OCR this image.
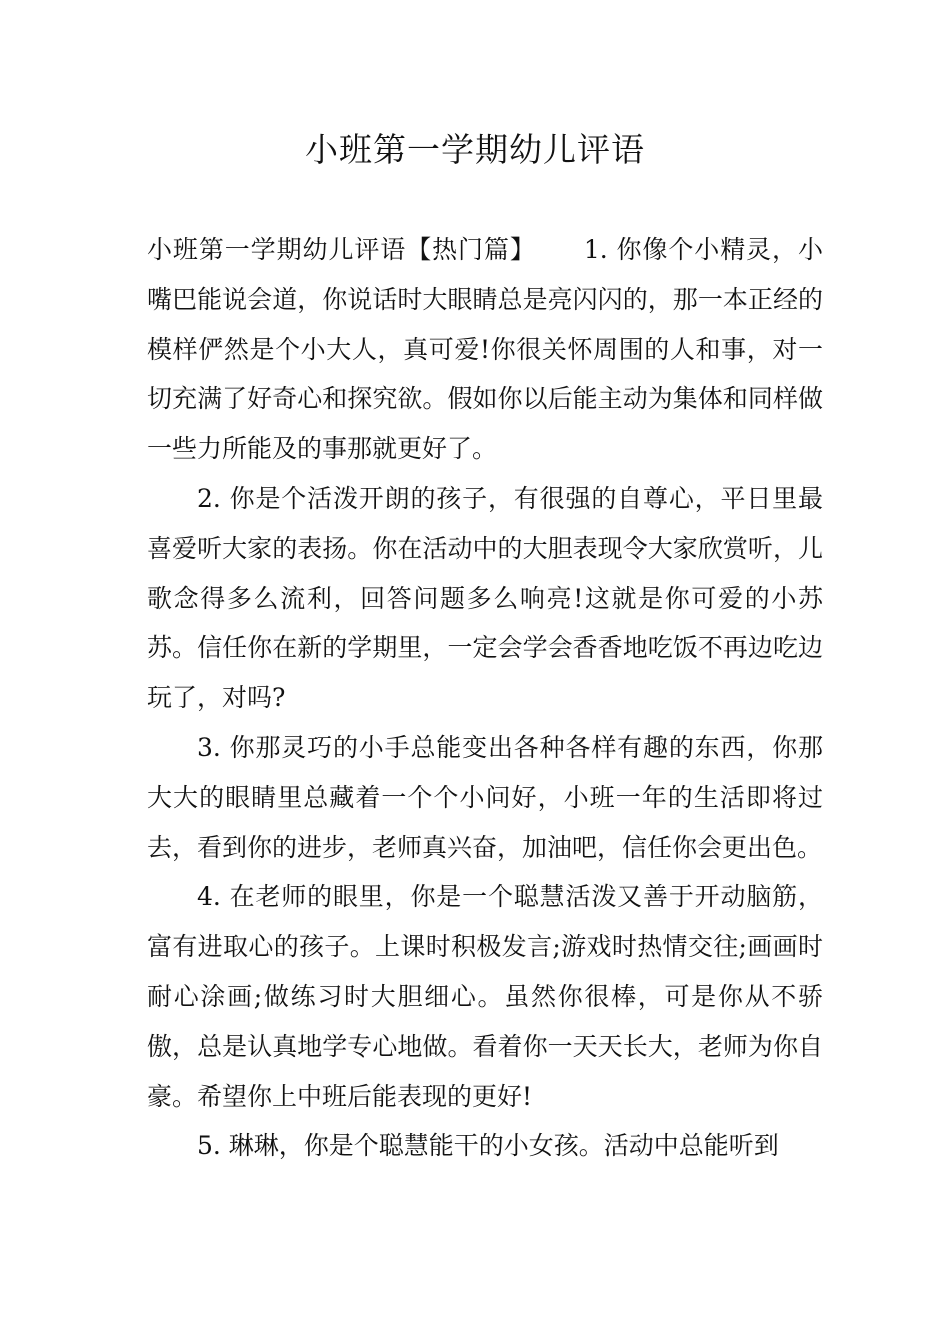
小班第一学期幼儿评语

小班第一学期幼儿评语【热门篇】 1. 你像个小精灵，小嘴巴能说会道，你说话时大眼睛总是亮闪闪的，那一本正经的模样俨然是个小大人，真可爱!你很关怀周围的人和事，对一切充满了好奇心和探究欲。假如你以后能主动为集体和同样做一些力所能及的事那就更好了。

2. 你是个活泼开朗的孩子，有很强的自尊心，平日里最喜爱听大家的表扬。你在活动中的大胆表现令大家欣赏听，儿歌念得多么流利，回答问题多么响亮!这就是你可爱的小苏苏。信任你在新的学期里，一定会学会香香地吃饭不再边吃边玩了，对吗?

3. 你那灵巧的小手总能变出各种各样有趣的东西，你那大大的眼睛里总藏着一个个小问好，小班一年的生活即将过去，看到你的进步，老师真兴奋，加油吧，信任你会更出色。

4. 在老师的眼里，你是一个聪慧活泼又善于开动脑筋，富有进取心的孩子。上课时积极发言;游戏时热情交往;画画时耐心涂画;做练习时大胆细心。虽然你很棒，可是你从不骄傲，总是认真地学专心地做。看着你一天天长大，老师为你自豪。希望你上中班后能表现的更好!

5. 琳琳，你是个聪慧能干的小女孩。活动中总能听到
